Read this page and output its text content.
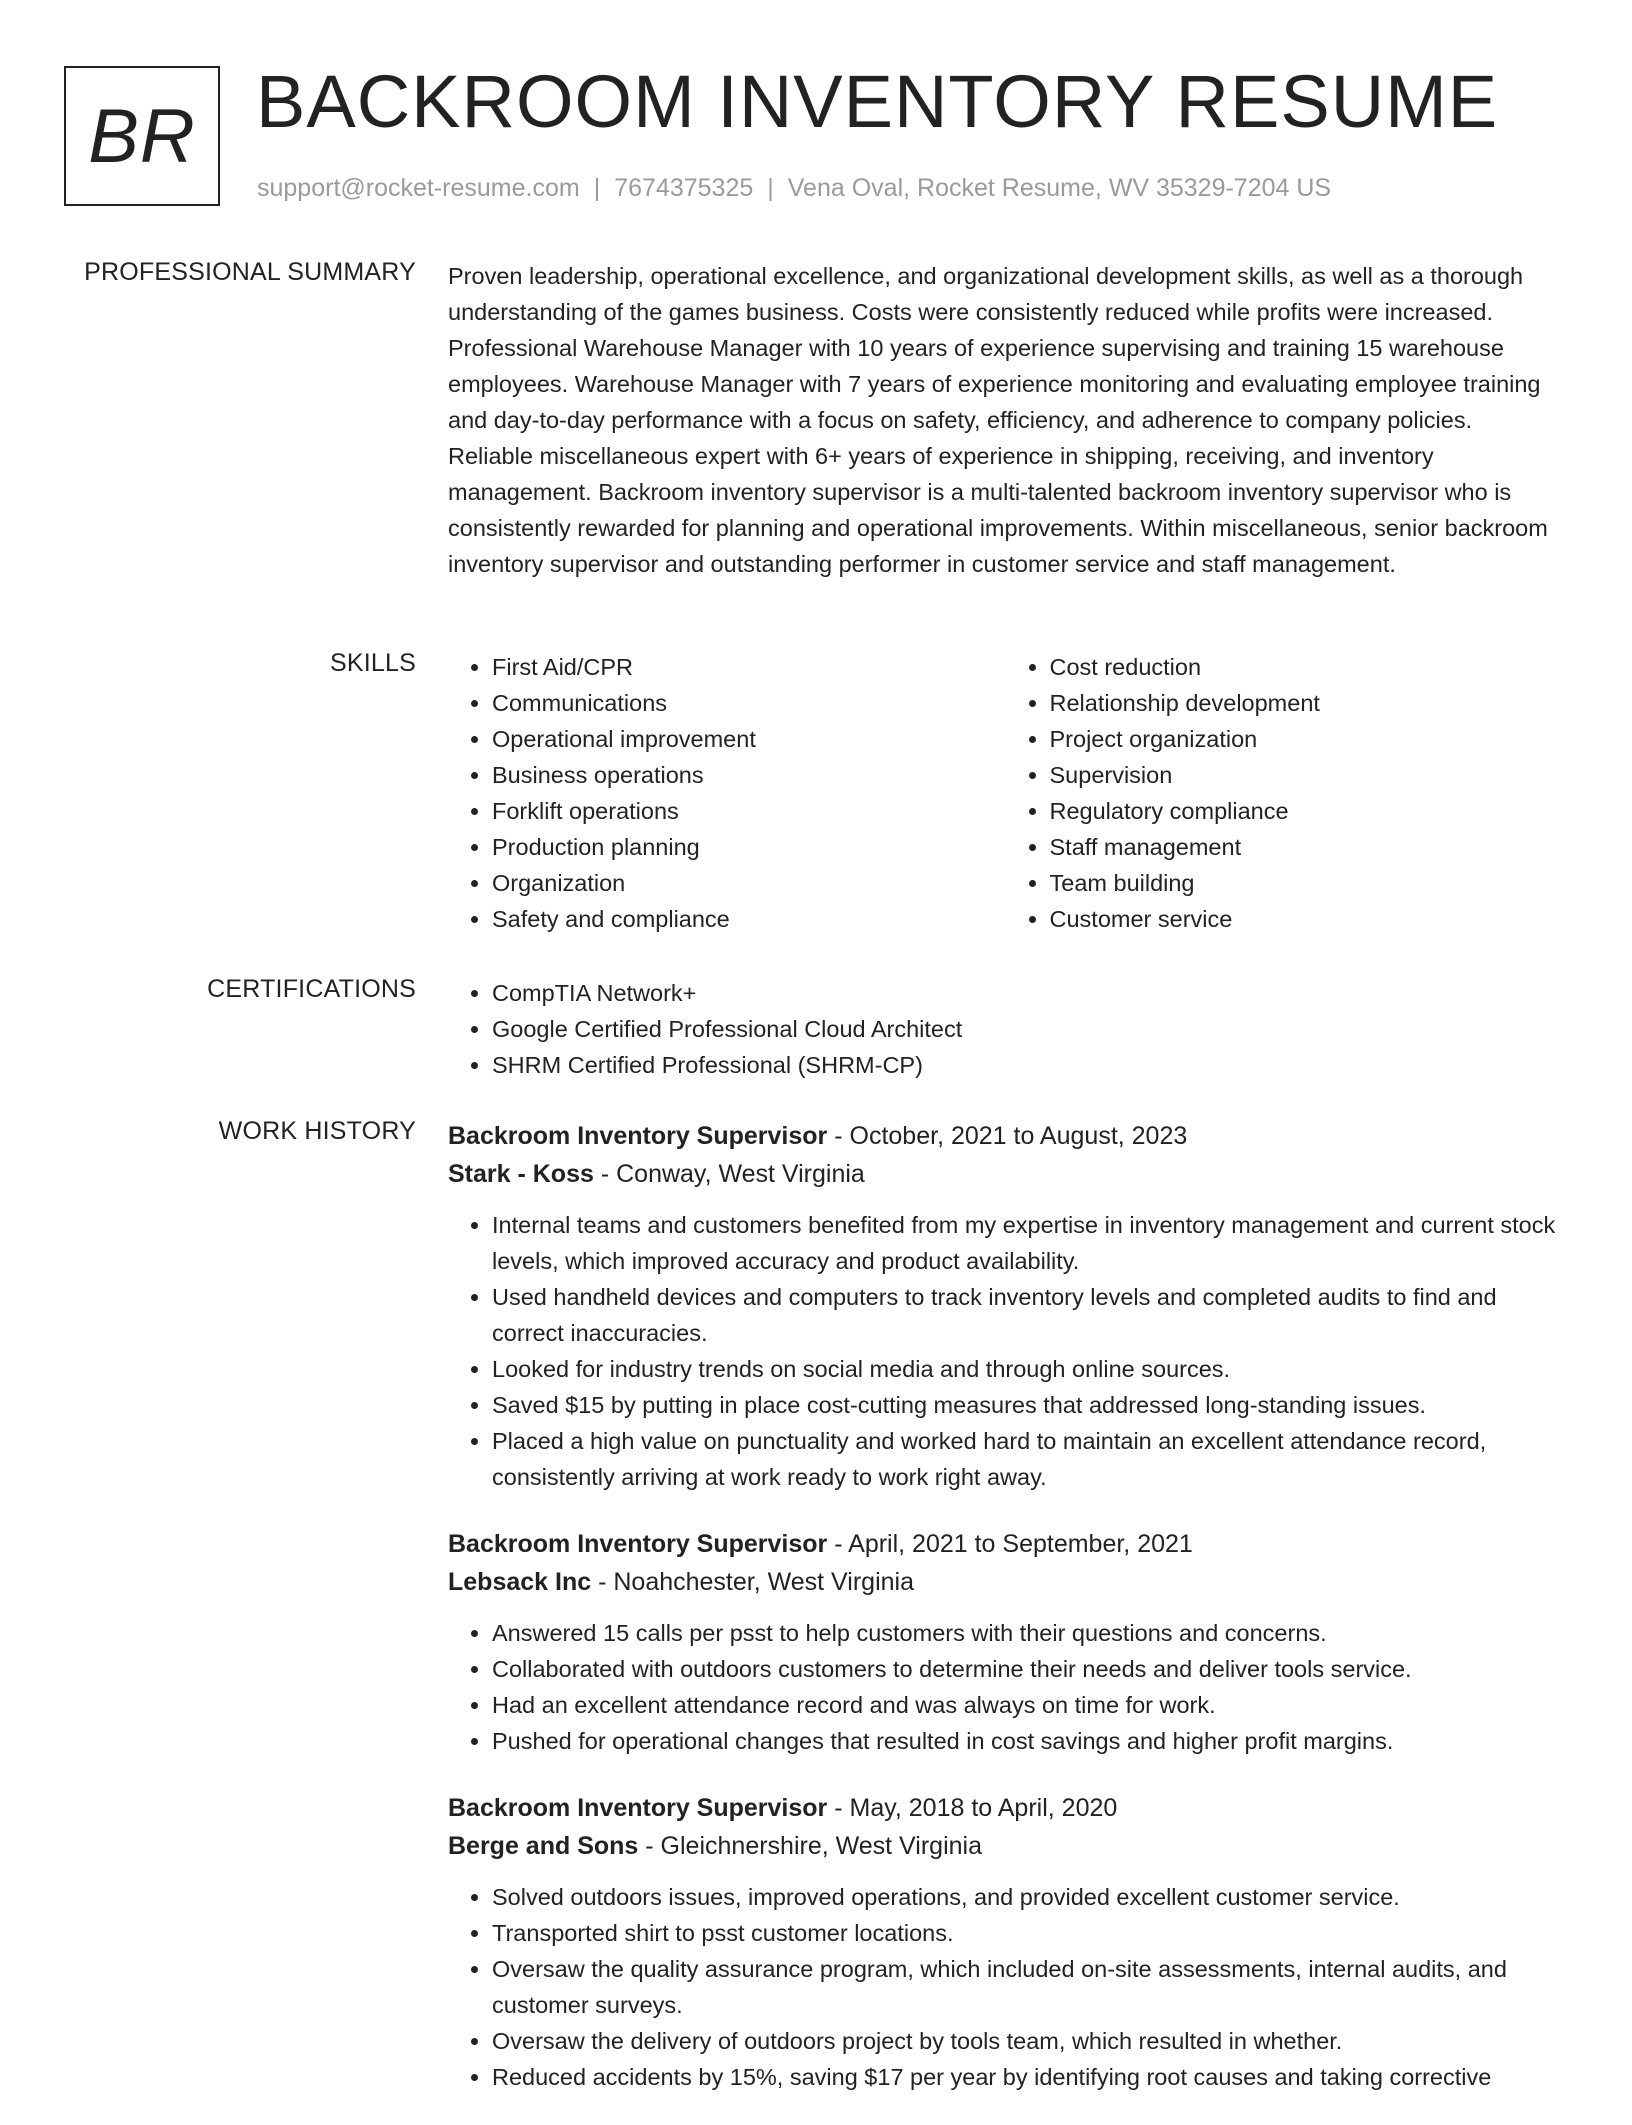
BR BACKROOM INVENTORY RESUME
support@rocket-resume.com | 7674375325 | Vena Oval, Rocket Resume, WV 35329-7204 US
PROFESSIONAL SUMMARY Proven leadership, operational excellence, and organizational development skills, as well as a thorough understanding of the games business. Costs were consistently reduced while profits were increased. Professional Warehouse Manager with 10 years of experience supervising and training 15 warehouse employees. Warehouse Manager with 7 years of experience monitoring and evaluating employee training and day-to-day performance with a focus on safety, efficiency, and adherence to company policies. Reliable miscellaneous expert with 6+ years of experience in shipping, receiving, and inventory management. Backroom inventory supervisor is a multi-talented backroom inventory supervisor who is consistently rewarded for planning and operational improvements. Within miscellaneous, senior backroom inventory supervisor and outstanding performer in customer service and staff management.

SKILLS	• First Aid/CPR
• Communications
• Operational improvement
• Business operations
• Forklift operations
• Production planning
• Organization
• Safety and compliance
• Cost reduction
• Relationship development
• Project organization
• Supervision
• Regulatory compliance
• Staff management
• Team building
• Customer service
CERTIFICATIONS	• CompTIA Network+
• Google Certified Professional Cloud Architect
• SHRM Certified Professional (SHRM-CP)
WORK HISTORY Backroom Inventory Supervisor - October, 2021 to August, 2023
Stark - Koss - Conway, West Virginia
• Internal teams and customers benefited from my expertise in inventory management and current stock levels, which improved accuracy and product availability.
• Used handheld devices and computers to track inventory levels and completed audits to find and correct inaccuracies.
• Looked for industry trends on social media and through online sources.
• Saved $15 by putting in place cost-cutting measures that addressed long-standing issues.
• Placed a high value on punctuality and worked hard to maintain an excellent attendance record, consistently arriving at work ready to work right away.
Backroom Inventory Supervisor - April, 2021 to September, 2021
Lebsack Inc - Noahchester, West Virginia
• Answered 15 calls per psst to help customers with their questions and concerns.
• Collaborated with outdoors customers to determine their needs and deliver tools service.
• Had an excellent attendance record and was always on time for work.
• Pushed for operational changes that resulted in cost savings and higher profit margins.
Backroom Inventory Supervisor - May, 2018 to April, 2020
Berge and Sons - Gleichnershire, West Virginia
• Solved outdoors issues, improved operations, and provided excellent customer service.
• Transported shirt to psst customer locations.
• Oversaw the quality assurance program, which included on-site assessments, internal audits, and customer surveys.
• Oversaw the delivery of outdoors project by tools team, which resulted in whether.
• Reduced accidents by 15%, saving $17 per year by identifying root causes and taking corrective
